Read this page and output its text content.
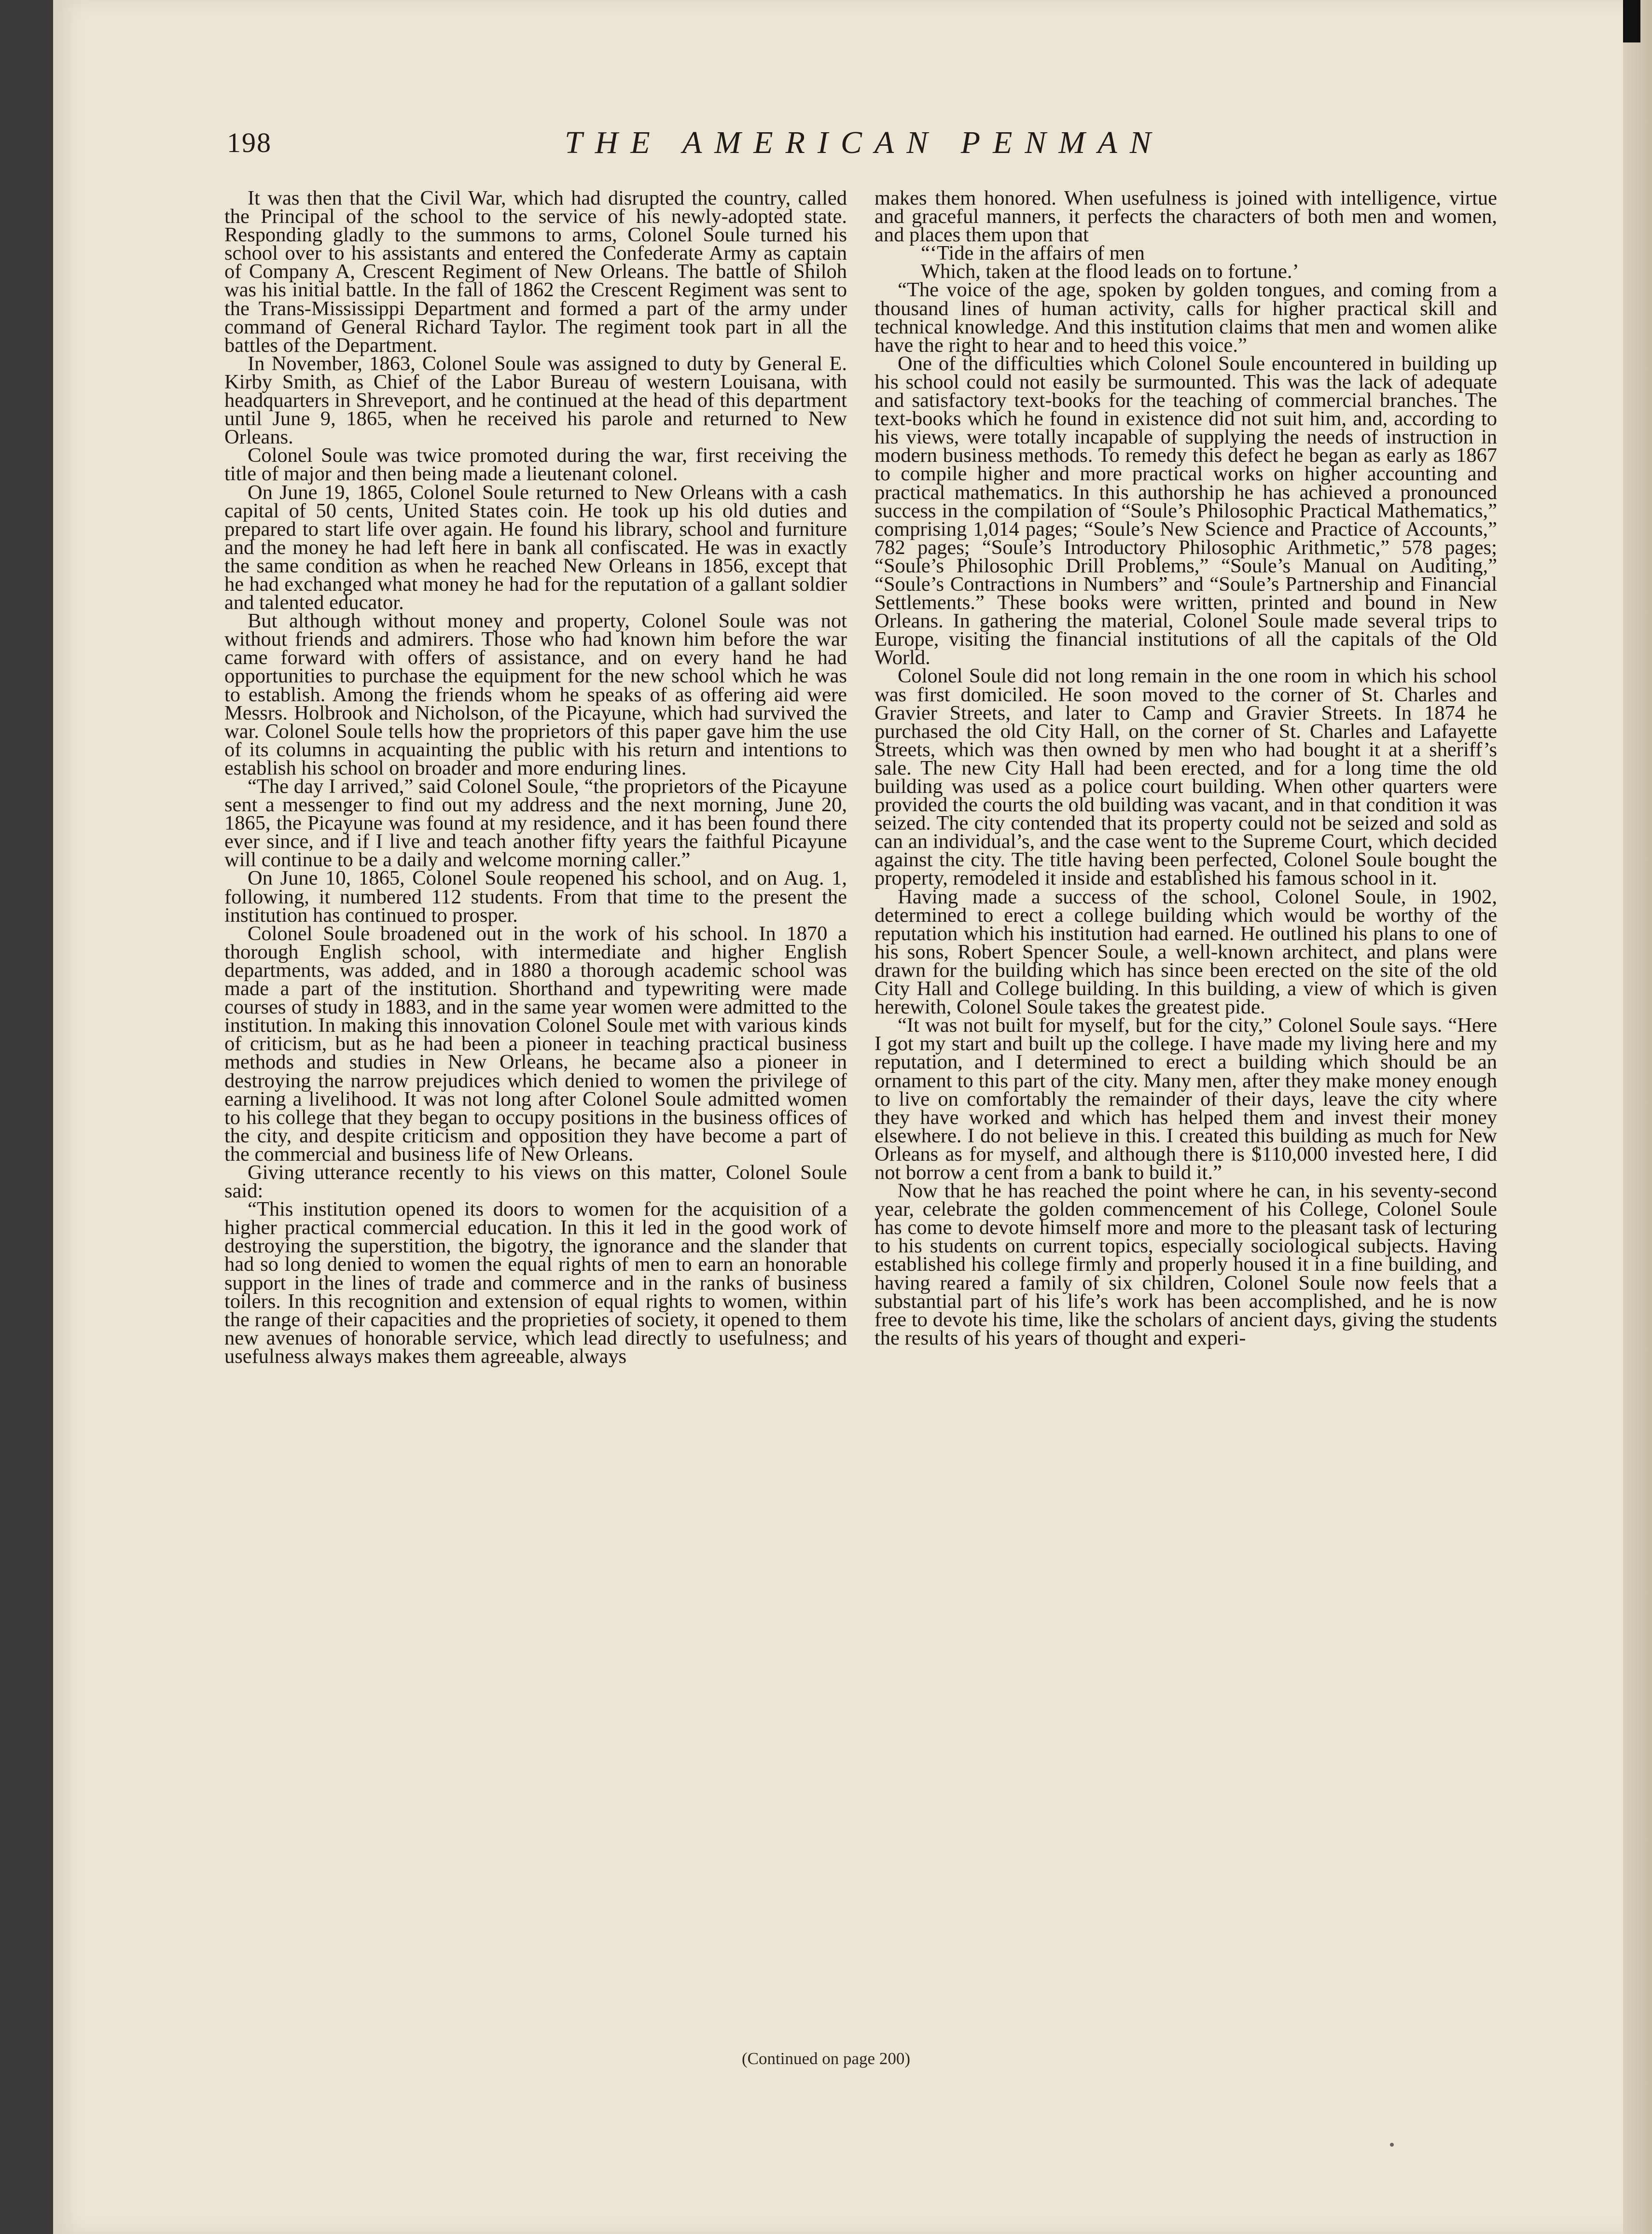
198	THE AMERICAN PENMAN

It was then that the Civil War, which had disrupted the country, called the Principal of the school to the service of his newly-adopted state. Responding gladly to the summons to arms, Colonel Soule turned his school over to his assistants and entered the Confederate Army as captain of Company A, Crescent Regiment of New Orleans. The battle of Shiloh was his initial battle. In the fall of 1862 the Crescent Regiment was sent to the Trans-Mississippi Department and formed a part of the army under command of General Richard Taylor. The regiment took part in all the battles of the Department.

In November, 1863, Colonel Soule was assigned to duty by General E. Kirby Smith, as Chief of the Labor Bureau of western Louisana, with headquarters in Shreveport, and he continued at the head of this department until June 9, 1865, when he received his parole and returned to New Orleans.

Colonel Soule was twice promoted during the war, first receiving the title of major and then being made a lieutenant colonel.

On June 19, 1865, Colonel Soule returned to New Orleans with a cash capital of 50 cents, United States coin. He took up his old duties and prepared to start life over again. He found his library, school and furniture and the money he had left here in bank all confiscated. He was in exactly the same condition as when he reached New Orleans in 1856, except that he had exchanged what money he had for the reputation of a gallant soldier and talented educator.

But although without money and property, Colonel Soule was not without friends and admirers. Those who had known him before the war came forward with offers of assistance, and on every hand he had opportunities to purchase the equipment for the new school which he was to establish. Among the friends whom he speaks of as offering aid were Messrs. Holbrook and Nicholson, of the Picayune, which had survived the war. Colonel Soule tells how the proprietors of this paper gave him the use of its columns in acquainting the public with his return and intentions to establish his school on broader and more enduring lines.

“The day I arrived,” said Colonel Soule, “the proprietors of the Picayune sent a messenger to find out my address and the next morning, June 20, 1865, the Picayune was found at my residence, and it has been found there ever since, and if I live and teach another fifty years the faithful Picayune will continue to be a daily and welcome morning caller.”

On June 10, 1865, Colonel Soule reopened his school, and on Aug. 1, following, it numbered 112 students. From that time to the present the institution has continued to prosper.

Colonel Soule broadened out in the work of his school. In 1870 a thorough English school, with intermediate and higher English departments, was added, and in 1880 a thorough academic school was made a part of the institution. Shorthand and typewriting were made courses of study in 1883, and in the same year women were admitted to the institution. In making this innovation Colonel Soule met with various kinds of criticism, but as he had been a pioneer in teaching practical business methods and studies in New Orleans, he became also a pioneer in destroying the narrow prejudices which denied to women the privilege of earning a livelihood. It was not long after Colonel Soule admitted women to his college that they began to occupy positions in the business offices of the city, and despite criticism and opposition they have become a part of the commercial and business life of New Orleans.

Giving utterance recently to his views on this matter, Colonel Soule said:

“This institution opened its doors to women for the acquisition of a higher practical commercial education. In this it led in the good work of destroying the superstition, the bigotry, the ignorance and the slander that had so long denied to women the equal rights of men to earn an honorable support in the lines of trade and commerce and in the ranks of business toilers. In this recognition and extension of equal rights to women, within the range of their capacities and the proprieties of society, it opened to them new avenues of honorable service, which lead directly to usefulness; and usefulness always makes them agreeable, always

makes them honored. When usefulness is joined with intelligence, virtue and graceful manners, it perfects the characters of both men and women, and places them upon that

“‘Tide in the affairs of men

Which, taken at the flood leads on to fortune.’

“The voice of the age, spoken by golden tongues, and coming from a thousand lines of human activity, calls for higher practical skill and technical knowledge. And this institution claims that men and women alike have the right to hear and to heed this voice.”

One of the difficulties which Colonel Soule encountered in building up his school could not easily be surmounted. This was the lack of adequate and satisfactory text-books for the teaching of commercial branches. The text-books which he found in existence did not suit him, and, according to his views, were totally incapable of supplying the needs of instruction in modern business methods. To remedy this defect he began as early as 1867 to compile higher and more practical works on higher accounting and practical mathematics. In this authorship he has achieved a pronounced success in the compilation of “Soule’s Philosophic Practical Mathematics,” comprising 1,014 pages; “Soule’s New Science and Practice of Accounts,” 782 pages; “Soule’s Introductory Philosophic Arithmetic,” 578 pages; “Soule’s Philosophic Drill Problems,” “Soule’s Manual on Auditing,” “Soule’s Contractions in Numbers” and “Soule’s Partnership and Financial Settlements.” These books were written, printed and bound in New Orleans. In gathering the material, Colonel Soule made several trips to Europe, visiting the financial institutions of all the capitals of the Old World.

Colonel Soule did not long remain in the one room in which his school was first domiciled. He soon moved to the corner of St. Charles and Gravier Streets, and later to Camp and Gravier Streets. In 1874 he purchased the old City Hall, on the corner of St. Charles and Lafayette Streets, which was then owned by men who had bought it at a sheriff’s sale. The new City Hall had been erected, and for a long time the old building was used as a police court building. When other quarters were provided the courts the old building was vacant, and in that condition it was seized. The city contended that its property could not be seized and sold as can an individual’s, and the case went to the Supreme Court, which decided against the city. The title having been perfected, Colonel Soule bought the property, remodeled it inside and established his famous school in it.

Having made a success of the school, Colonel Soule, in 1902, determined to erect a college building which would be worthy of the reputation which his institution had earned. He outlined his plans to one of his sons, Robert Spencer Soule, a well-known architect, and plans were drawn for the building which has since been erected on the site of the old City Hall and College building. In this building, a view of which is given herewith, Colonel Soule takes the greatest pide.

“It was not built for myself, but for the city,” Colonel Soule says. “Here I got my start and built up the college. I have made my living here and my reputation, and I determined to erect a building which should be an ornament to this part of the city. Many men, after they make money enough to live on comfortably the remainder of their days, leave the city where they have worked and which has helped them and invest their money elsewhere. I do not believe in this. I created this building as much for New Orleans as for myself, and although there is $110,000 invested here, I did not borrow a cent from a bank to build it.”

Now that he has reached the point where he can, in his seventy-second year, celebrate the golden commencement of his College, Colonel Soule has come to devote himself more and more to the pleasant task of lecturing to his students on current topics, especially sociological subjects. Having established his college firmly and properly housed it in a fine building, and having reared a family of six children, Colonel Soule now feels that a substantial part of his life’s work has been accomplished, and he is now free to devote his time, like the scholars of ancient days, giving the students the results of his years of thought and experi-

(Continued on page 200)
